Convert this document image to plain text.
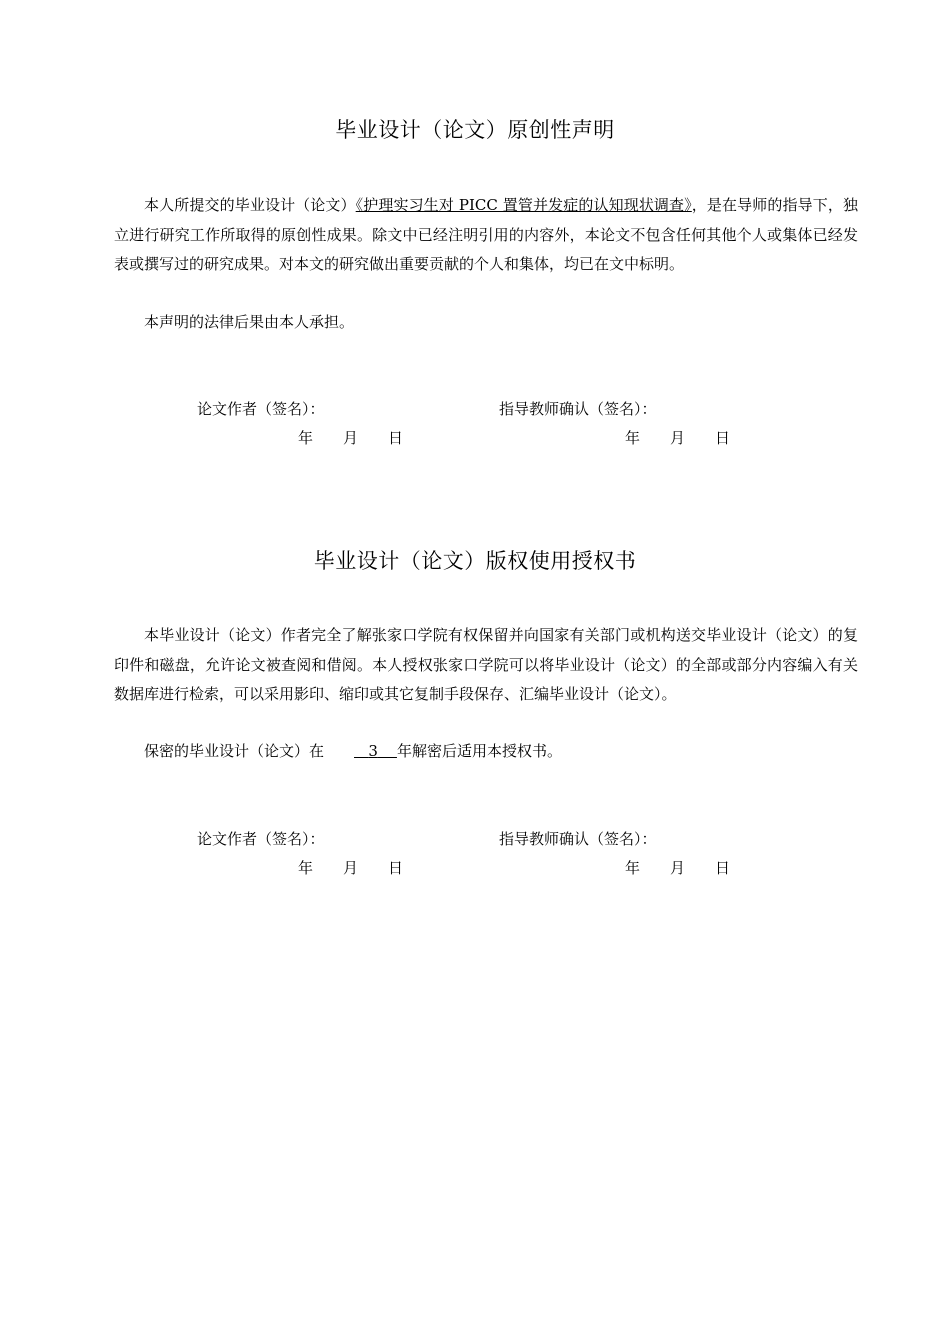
毕业设计（论文）原创性声明

本人所提交的毕业设计（论文）《护理实习生对 PICC 置管并发症的认知现状调查》，是在导师的指导下，独立进行研究工作所取得的原创性成果。除文中已经注明引用的内容外，本论文不包含任何其他个人或集体已经发表或撰写过的研究成果。对本文的研究做出重要贡献的个人和集体，均已在文中标明。

本声明的法律后果由本人承担。

论文作者（签名）：	指导教师确认（签名）：
年　　月　　日	年　　月　　日
毕业设计（论文）版权使用授权书

本毕业设计（论文）作者完全了解张家口学院有权保留并向国家有关部门或机构送交毕业设计（论文）的复印件和磁盘，允许论文被查阅和借阅。本人授权张家口学院可以将毕业设计（论文）的全部或部分内容编入有关数据库进行检索，可以采用影印、缩印或其它复制手段保存、汇编毕业设计（论文）。

保密的毕业设计（论文）在	3 年解密后适用本授权书。

论文作者（签名）：	指导教师确认（签名）：
年　　月　　日	年　　月　　日
